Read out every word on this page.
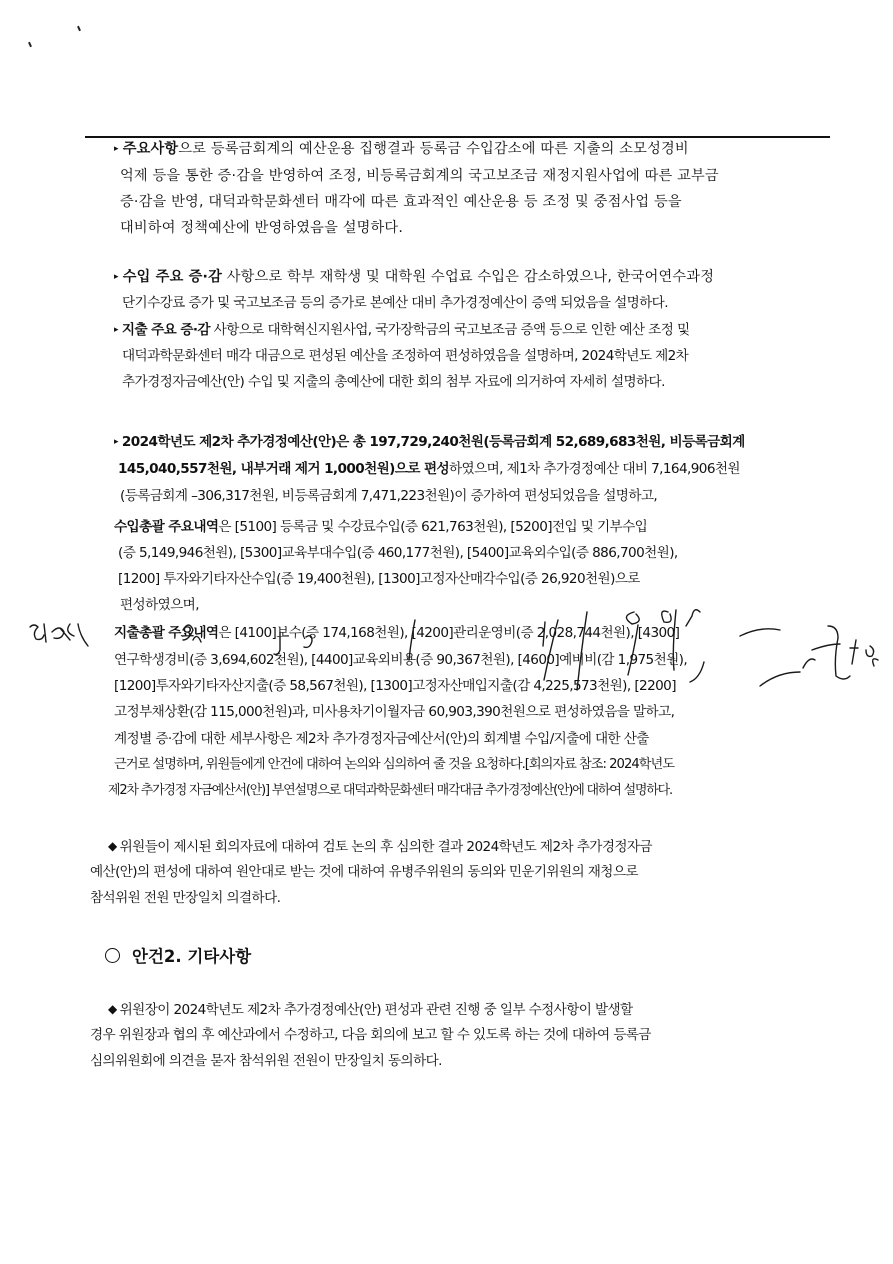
▸ 주요사항으로 등록금회계의 예산운용 집행결과 등록금 수입감소에 따른 지출의 소모성경비
억제 등을 통한 증·감을 반영하여 조정, 비등록금회계의 국고보조금 재정지원사업에 따른 교부금
증·감을 반영, 대덕과학문화센터 매각에 따른 효과적인 예산운용 등 조정 및 중점사업 등을
대비하여 정책예산에 반영하였음을 설명하다.
▸ 수입 주요 증·감 사항으로 학부 재학생 및 대학원 수업료 수입은 감소하였으나, 한국어연수과정
단기수강료 증가 및 국고보조금 등의 증가로 본예산 대비 추가경정예산이 증액 되었음을 설명하다.
▸ 지출 주요 증·감 사항으로 대학혁신지원사업, 국가장학금의 국고보조금 증액 등으로 인한 예산 조정 및
대덕과학문화센터 매각 대금으로 편성된 예산을 조정하여 편성하였음을 설명하며, 2024학년도 제2차
추가경정자금예산(안) 수입 및 지출의 총예산에 대한 회의 첨부 자료에 의거하여 자세히 설명하다.
▸ 2024학년도 제2차 추가경정예산(안)은 총 197,729,240천원(등록금회계 52,689,683천원, 비등록금회계
145,040,557천원, 내부거래 제거 1,000천원)으로 편성하였으며, 제1차 추가경정예산 대비 7,164,906천원
(등록금회계 –306,317천원, 비등록금회계 7,471,223천원)이 증가하여 편성되었음을 설명하고,
수입총괄 주요내역은 [5100] 등록금 및 수강료수입(증 621,763천원), [5200]전입 및 기부수입
(증 5,149,946천원), [5300]교육부대수입(증 460,177천원), [5400]교육외수입(증 886,700천원),
[1200] 투자와기타자산수입(증 19,400천원), [1300]고정자산매각수입(증 26,920천원)으로
편성하였으며,
지출총괄 주요내역은 [4100]보수(증 174,168천원), [4200]관리운영비(증 2,028,744천원), [4300]
연구학생경비(증 3,694,602천원), [4400]교육외비용(증 90,367천원), [4600]예비비(감 1,975천원),
[1200]투자와기타자산지출(증 58,567천원), [1300]고정자산매입지출(감 4,225,573천원), [2200]
고정부채상환(감 115,000천원)과, 미사용차기이월자금 60,903,390천원으로 편성하였음을 말하고,
계정별 증·감에 대한 세부사항은 제2차 추가경정자금예산서(안)의 회계별 수입/지출에 대한 산출
근거로 설명하며, 위원들에게 안건에 대하여 논의와 심의하여 줄 것을 요청하다.[회의자료 참조: 2024학년도
제2차 추가경정 자금예산서(안)] 부연설명으로 대덕과학문화센터 매각대금 추가경정예산(안)에 대하여 설명하다.
◆ 위원들이 제시된 회의자료에 대하여 검토 논의 후 심의한 결과 2024학년도 제2차 추가경정자금
예산(안)의 편성에 대하여 원안대로 받는 것에 대하여 유병주위원의 동의와 민운기위원의 재청으로
참석위원 전원 만장일치 의결하다.
안건2. 기타사항
◆ 위원장이 2024학년도 제2차 추가경정예산(안) 편성과 관련 진행 중 일부 수정사항이 발생할
경우 위원장과 협의 후 예산과에서 수정하고, 다음 회의에 보고 할 수 있도록 하는 것에 대하여 등록금
심의위원회에 의견을 묻자 참석위원 전원이 만장일치 동의하다.
